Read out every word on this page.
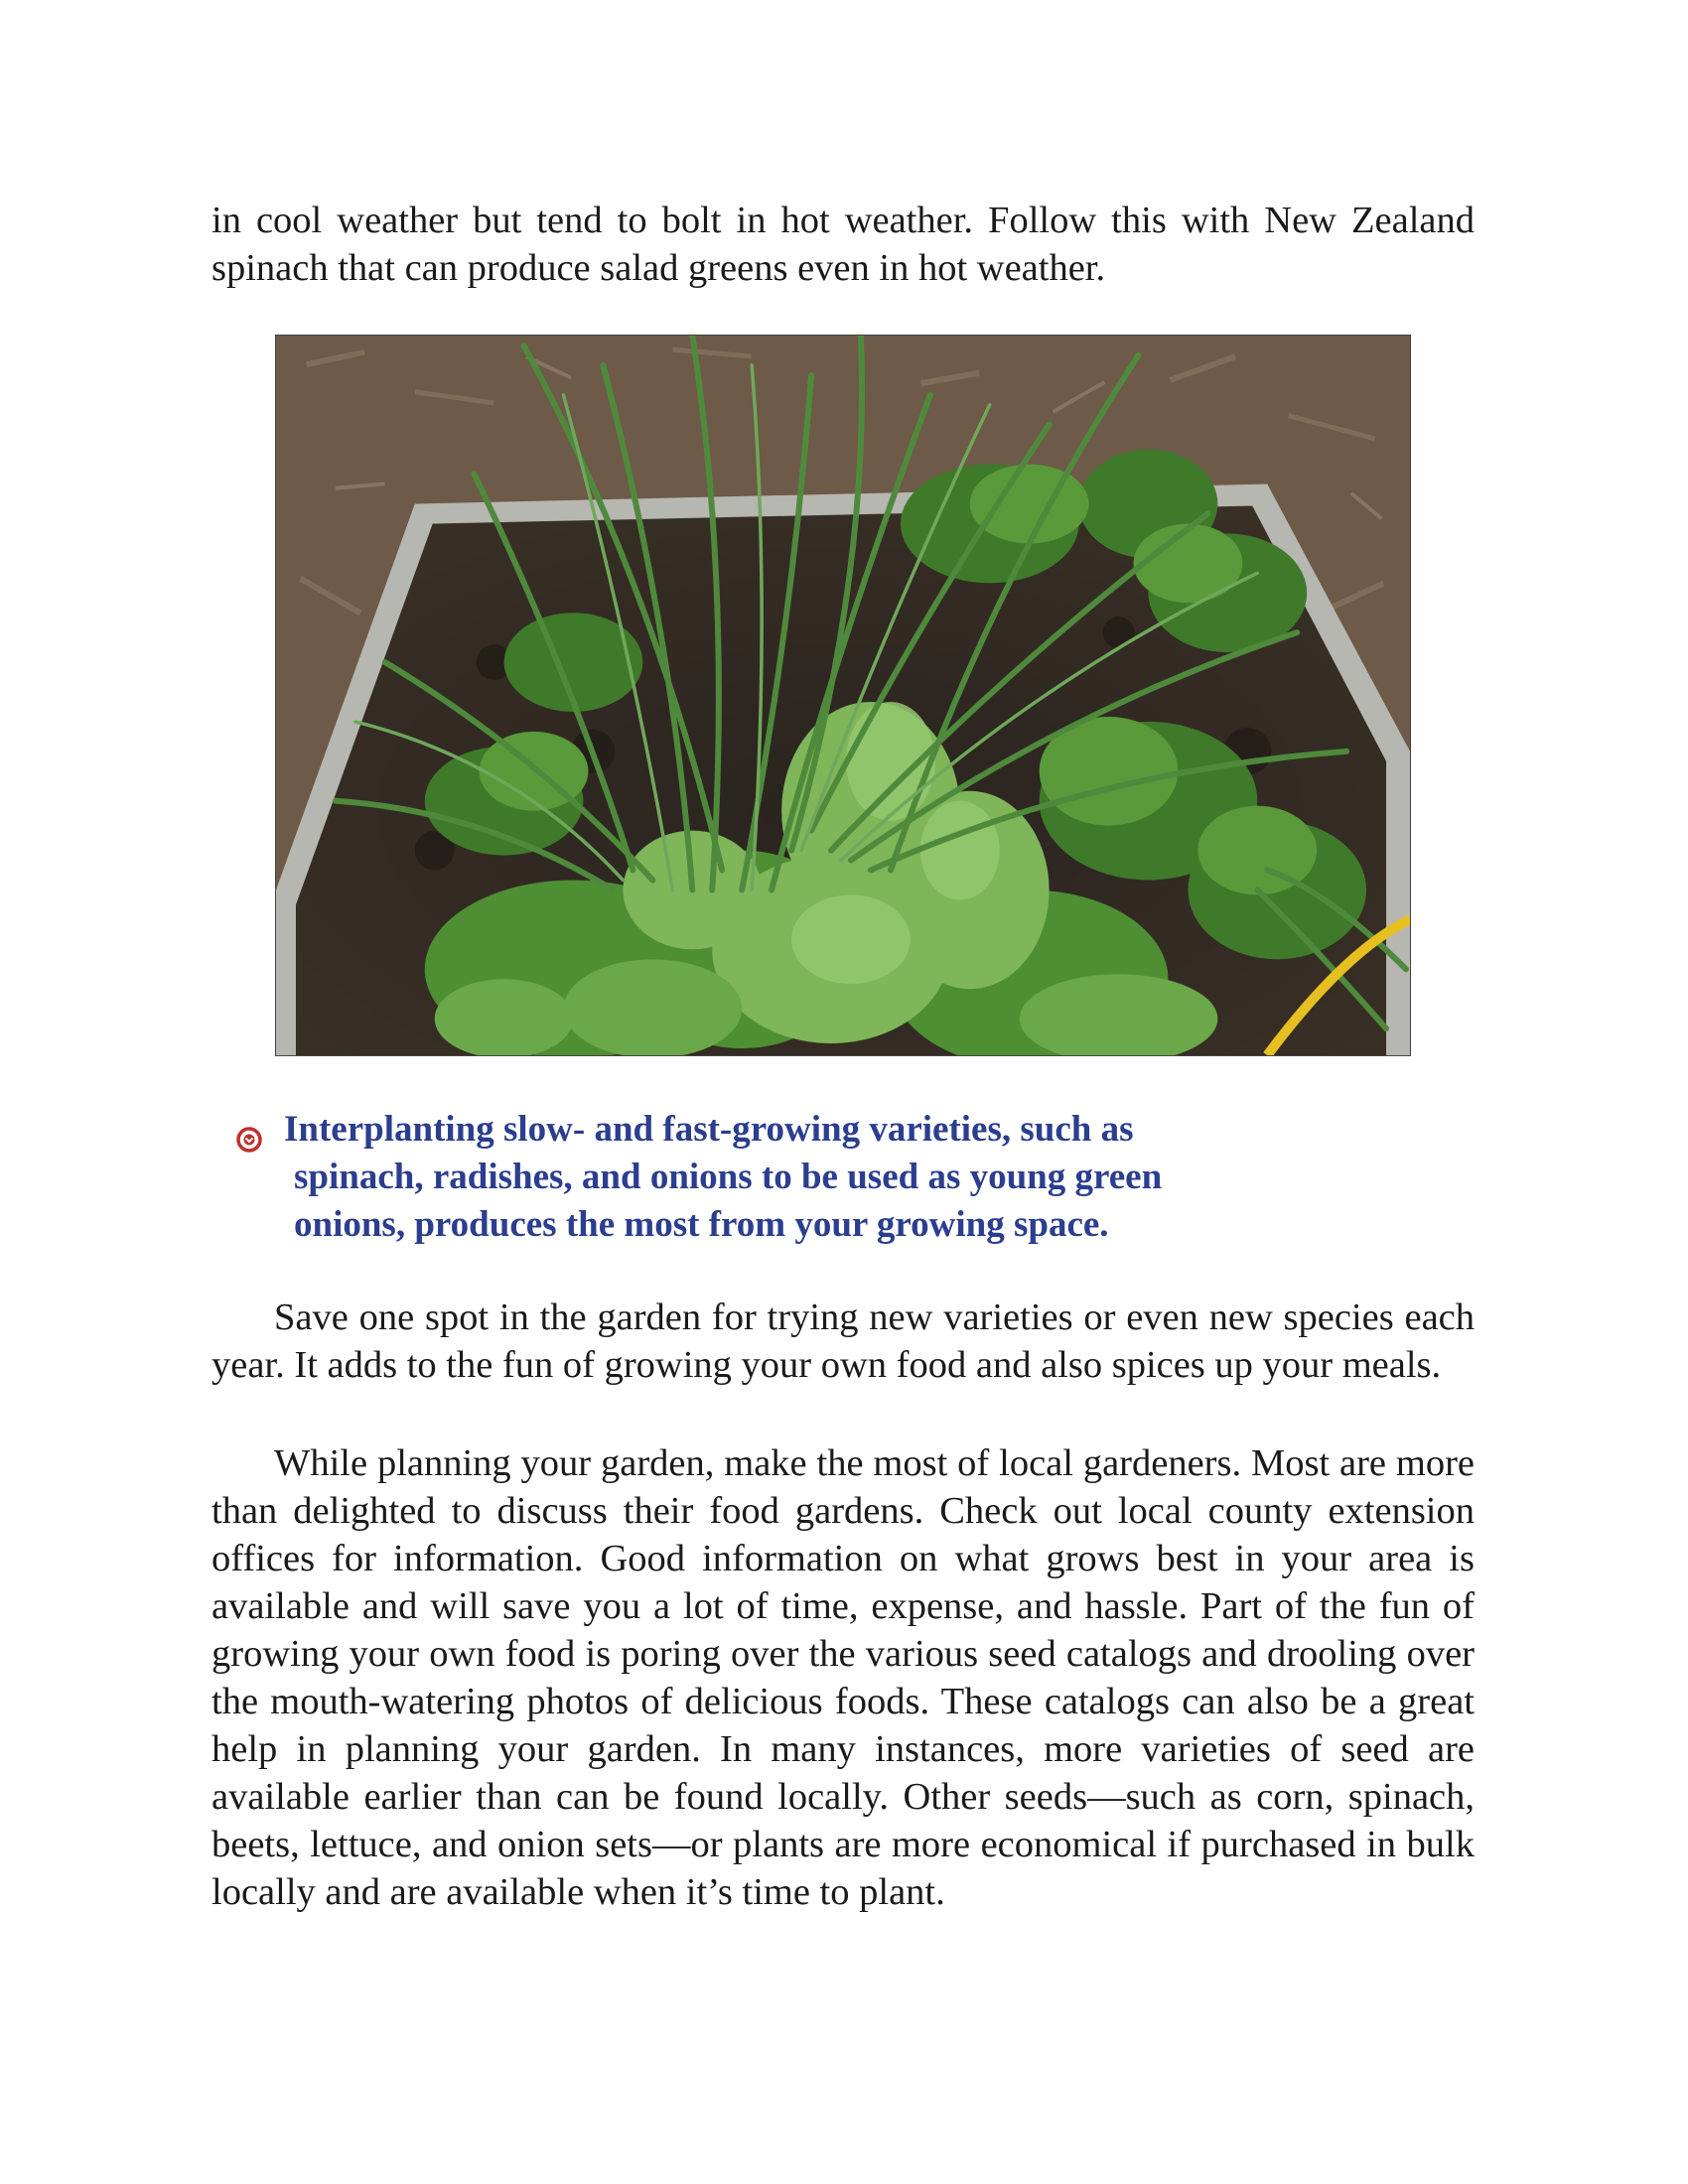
in cool weather but tend to bolt in hot weather. Follow this with New Zealand spinach that can produce salad greens even in hot weather.

Interplanting slow- and fast-growing varieties, such as
spinach, radishes, and onions to be used as young green
onions, produces the most from your growing space.

Save one spot in the garden for trying new varieties or even new species each year. It adds to the fun of growing your own food and also spices up your meals.

While planning your garden, make the most of local gardeners. Most are more than delighted to discuss their food gardens. Check out local county extension offices for information. Good information on what grows best in your area is available and will save you a lot of time, expense, and hassle. Part of the fun of growing your own food is poring over the various seed catalogs and drooling over the mouth-watering photos of delicious foods. These catalogs can also be a great help in planning your garden. In many instances, more varieties of seed are available earlier than can be found locally. Other seeds—such as corn, spinach, beets, lettuce, and onion sets—or plants are more economical if purchased in bulk locally and are available when it’s time to plant.
